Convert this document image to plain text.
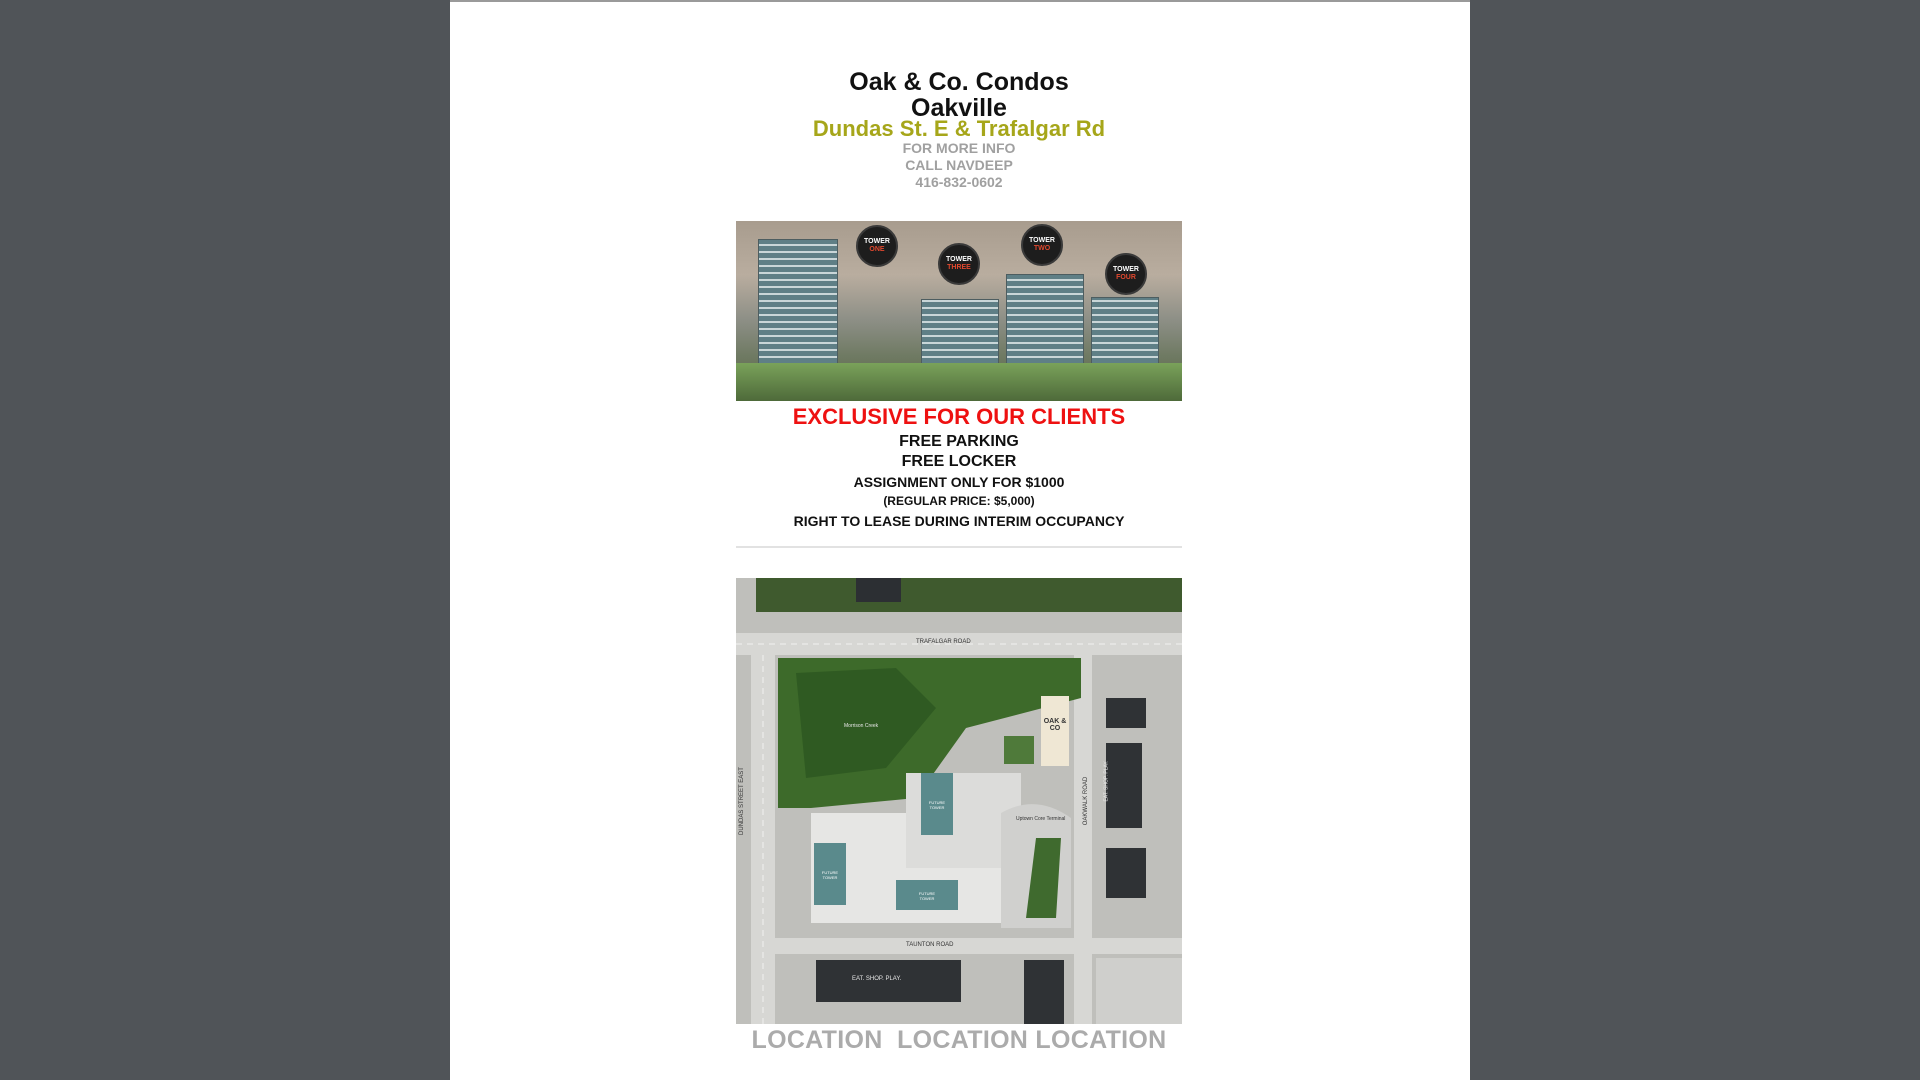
Oak & Co. Condos
Oakville
Dundas St. E & Trafalgar Rd
FOR MORE INFO
CALL NAVDEEP
416-832-0602
TOWER
ONE
TOWER
THREE
TOWER
TWO
TOWER
FOUR
EXCLUSIVE FOR OUR CLIENTS
FREE PARKING
FREE LOCKER
ASSIGNMENT ONLY FOR $1000
(REGULAR PRICE: $5,000)
RIGHT TO LEASE DURING INTERIM OCCUPANCY
TRAFALGAR ROAD
DUNDAS STREET EAST	OAKWALK ROAD
TAUNTON ROAD
Morrison Creek
Uptown Core Terminal
FUTURE TOWER
FUTURE TOWER
FUTURE TOWER
OAK & CO
EAT. SHOP. PLAY.
EAT. SHOP. PLAY.
LOCATION  LOCATION LOCATION
